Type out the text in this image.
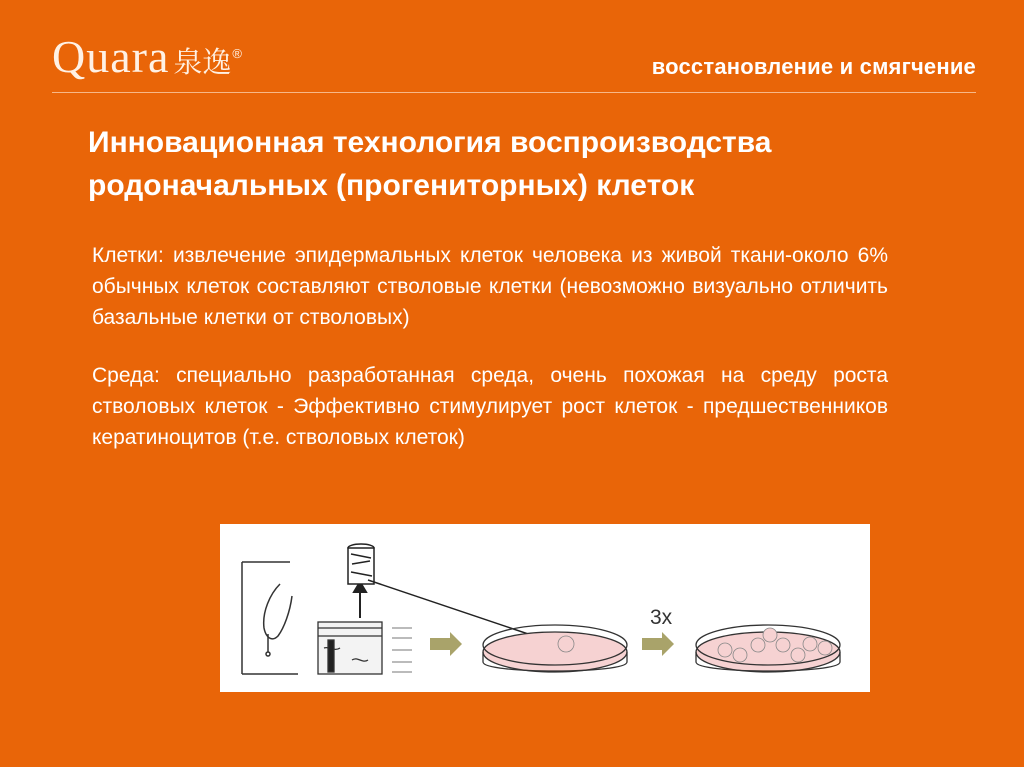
Quara 泉逸 ®
восстановление и смягчение
Инновационная технология воспроизводства родоначальных (прогениторных) клеток
Клетки: извлечение эпидермальных клеток человека из живой ткани-около 6% обычных клеток составляют стволовые клетки (невозможно визуально отличить базальные клетки от стволовых)
Среда: специально разработанная среда, очень похожая на среду роста стволовых клеток - Эффективно стимулирует рост клеток - предшественников кератиноцитов (т.е. стволовых клеток)
3x
